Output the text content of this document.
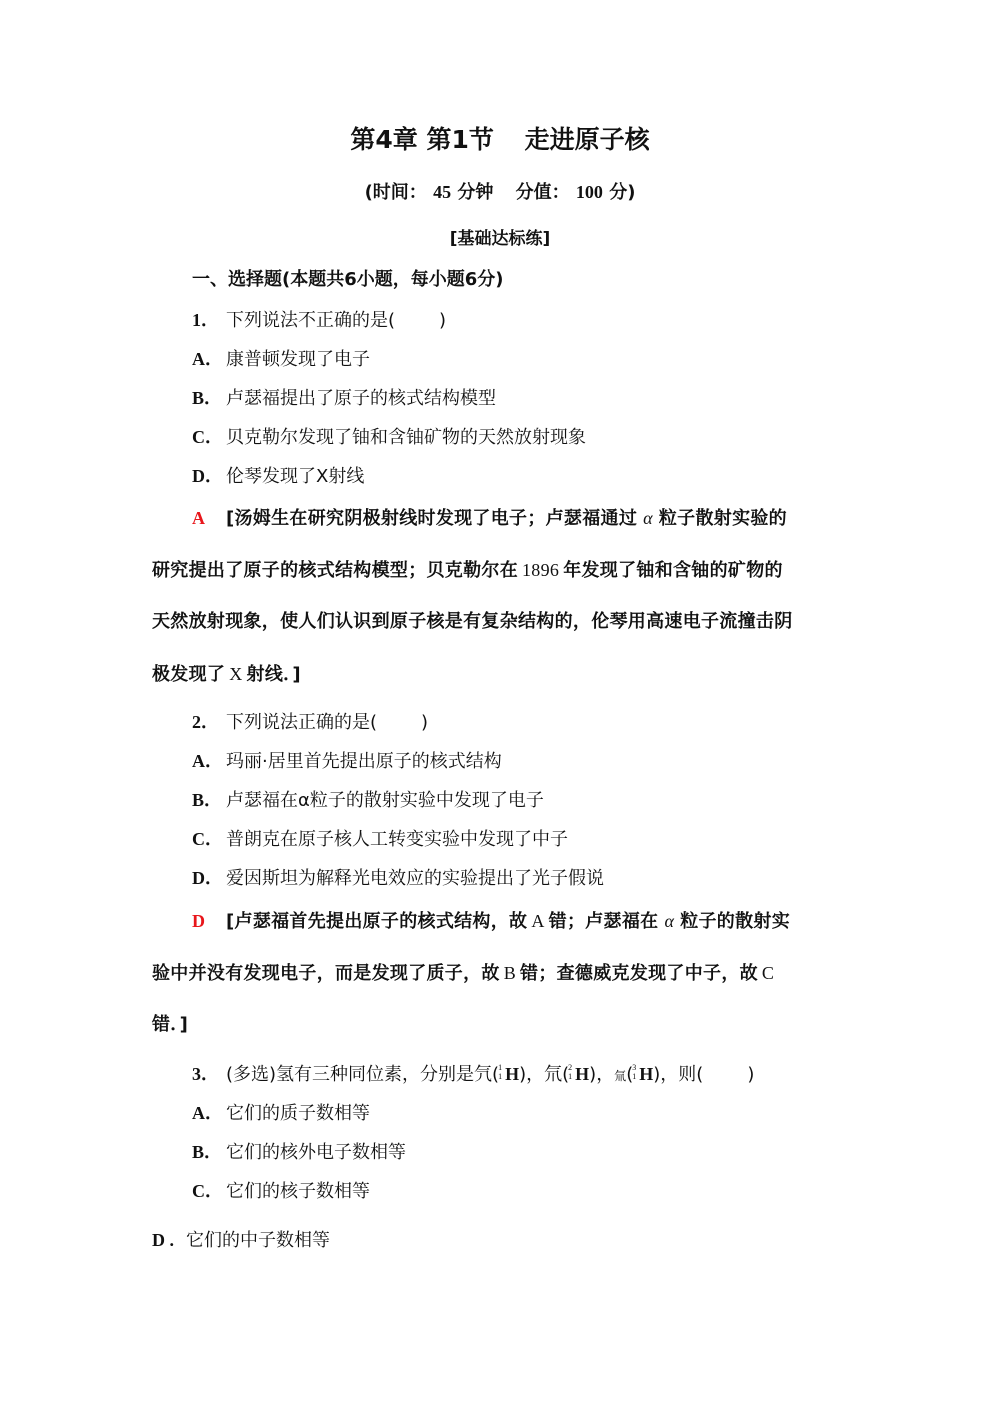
第4章 第1节 走进原子核
(时间： 45 分钟 分值： 100 分)
[基础达标练]
一、选择题(本题共6小题，每小题6分)
1． 下列说法不正确的是( )
A． 康普顿发现了电子
B． 卢瑟福提出了原子的核式结构模型
C． 贝克勒尔发现了铀和含铀矿物的天然放射现象
D． 伦琴发现了X射线
A [汤姆生在研究阴极射线时发现了电子；卢瑟福通过 α 粒子散射实验的
研究提出了原子的核式结构模型；贝克勒尔在 1896 年发现了铀和含铀的矿物的
天然放射现象，使人们认识到原子核是有复杂结构的，伦琴用高速电子流撞击阴
极发现了 X 射线．]
2． 下列说法正确的是( )
A． 玛丽·居里首先提出原子的核式结构
B． 卢瑟福在α粒子的散射实验中发现了电子
C． 普朗克在原子核人工转变实验中发现了中子
D． 爱因斯坦为解释光电效应的实验提出了光子假说
D [卢瑟福首先提出原子的核式结构，故 A 错；卢瑟福在 α 粒子的散射实
验中并没有发现电子，而是发现了质子，故 B 错；查德威克发现了中子，故 C
错．]
3． (多选)氢有三种同位素，分别是氕( 1
1 H)，氘( 2
1 H)，氚( 3
1 H)，则( )
A． 它们的质子数相等
B． 它们的核外电子数相等
C． 它们的核子数相等
D . 它们的中子数相等
